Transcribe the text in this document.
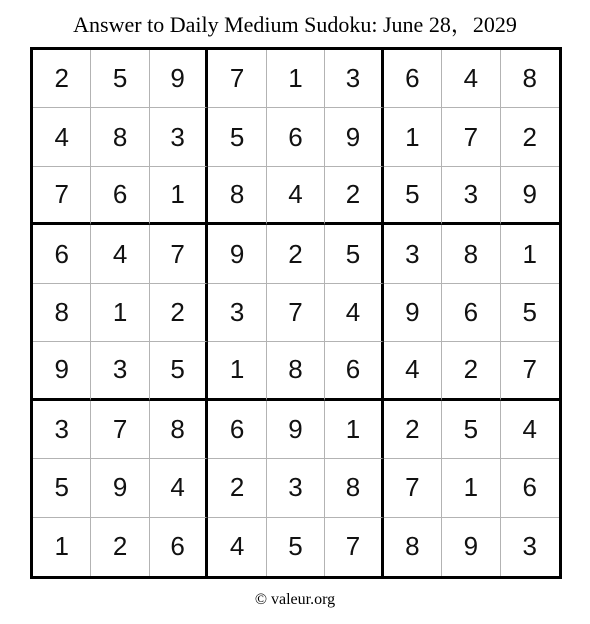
Answer to Daily Medium Sudoku: June 28，2029
2	5	9	7	1	3	6	4	8
4	8	3	5	6	9	1	7	2
7	6	1	8	4	2	5	3	9
6	4	7	9	2	5	3	8	1
8	1	2	3	7	4	9	6	5
9	3	5	1	8	6	4	2	7
3	7	8	6	9	1	2	5	4
5	9	4	2	3	8	7	1	6
1	2	6	4	5	7	8	9	3
© valeur.org
